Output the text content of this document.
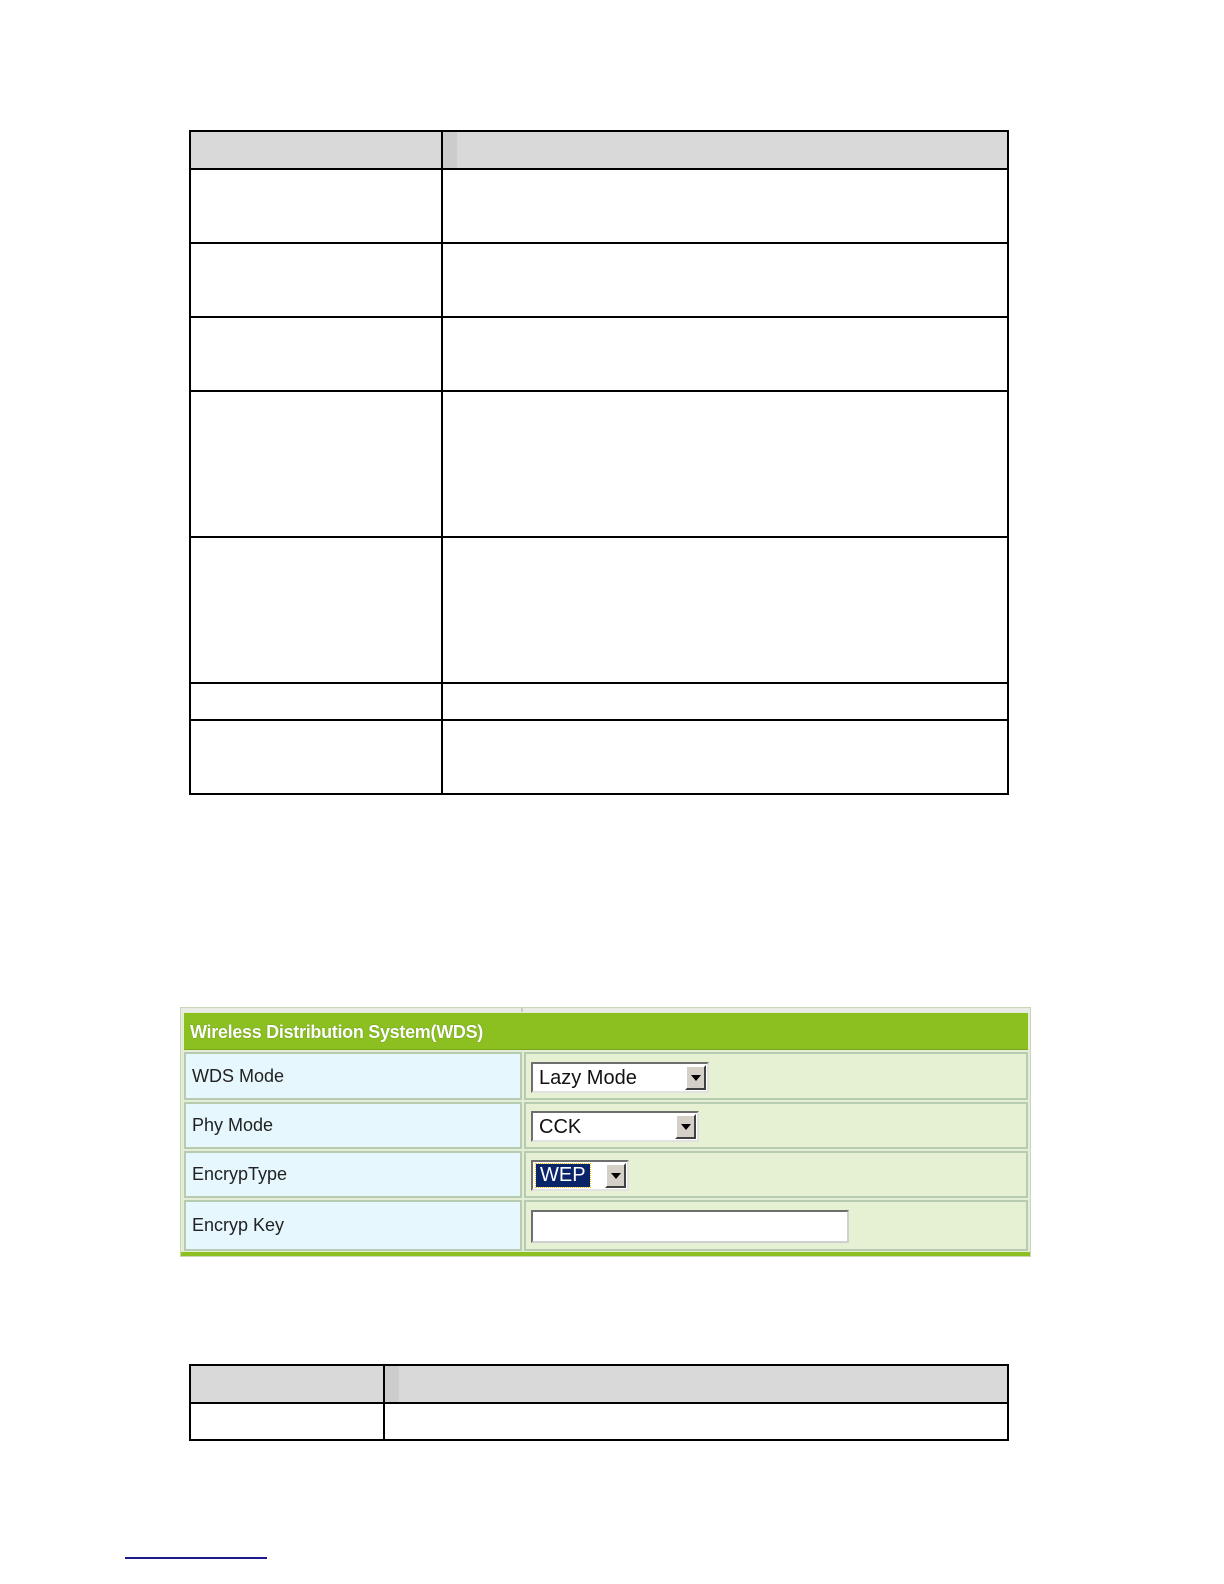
Wireless Distribution System(WDS)
WDS Mode	Lazy Mode
Phy Mode	CCK
EncrypType	WEP
Encryp Key
